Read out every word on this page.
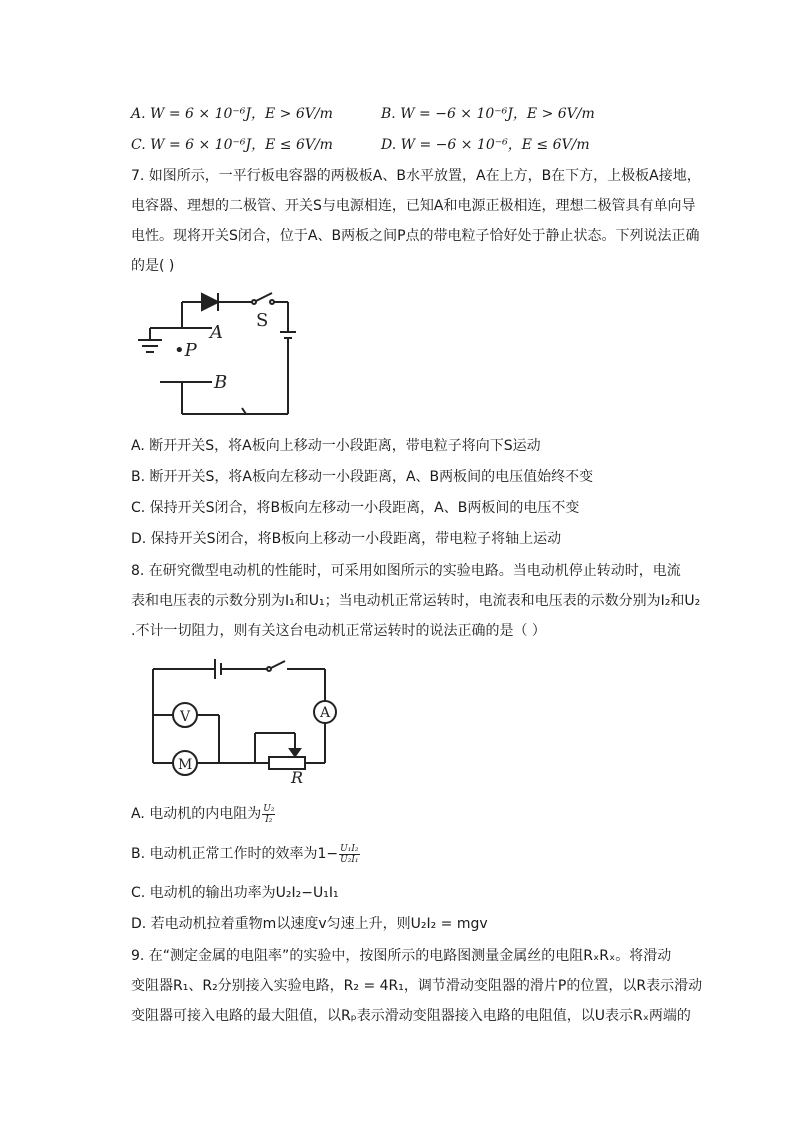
A. W = 6 × 10⁻⁶J，E > 6V/m	B. W = −6 × 10⁻⁶J，E > 6V/m
C. W = 6 × 10⁻⁶J，E ≤ 6V/m	D. W = −6 × 10⁻⁶，E ≤ 6V/m
7. 如图所示，一平行板电容器的两极板A、B水平放置，A在上方，B在下方，上极板A接地，
电容器、理想的二极管、开关S与电源相连，已知A和电源正极相连，理想二极管具有单向导
电性。现将开关S闭合，位于A、B两板之间P点的带电粒子恰好处于静止状态。下列说法正确
的是( )
S
A
•P
B
A. 断开开关S，将A板向上移动一小段距离，带电粒子将向下S运动
B. 断开开关S，将A板向左移动一小段距离，A、B两板间的电压值始终不变
C. 保持开关S闭合，将B板向左移动一小段距离，A、B两板间的电压不变
D. 保持开关S闭合，将B板向上移动一小段距离，带电粒子将轴上运动
8. 在研究微型电动机的性能时，可采用如图所示的实验电路。当电动机停止转动时，电流
表和电压表的示数分别为I₁和U₁；当电动机正常运转时，电流表和电压表的示数分别为I₂和U₂
.不计一切阻力，则有关这台电动机正常运转时的说法正确的是（ ）
V
M
A
R
A. 电动机的内电阻为 $\frac{\text{U₂}}{\text{I₂}}$
B. 电动机正常工作时的效率为$1- \frac{\text{U₁I₂}}{\text{U₂I₁}}$
C. 电动机的输出功率为U₂I₂−U₁I₁
D. 若电动机拉着重物m以速度v匀速上升，则U₂I₂ = mgv
9. 在“测定金属的电阻率”的实验中，按图所示的电路图测量金属丝的电阻RₓRₓ。将滑动
变阻器R₁、R₂分别接入实验电路，R₂ = 4R₁，调节滑动变阻器的滑片P的位置，以R表示滑动
变阻器可接入电路的最大阻值，以Rₚ表示滑动变阻器接入电路的电阻值，以U表示Rₓ两端的
